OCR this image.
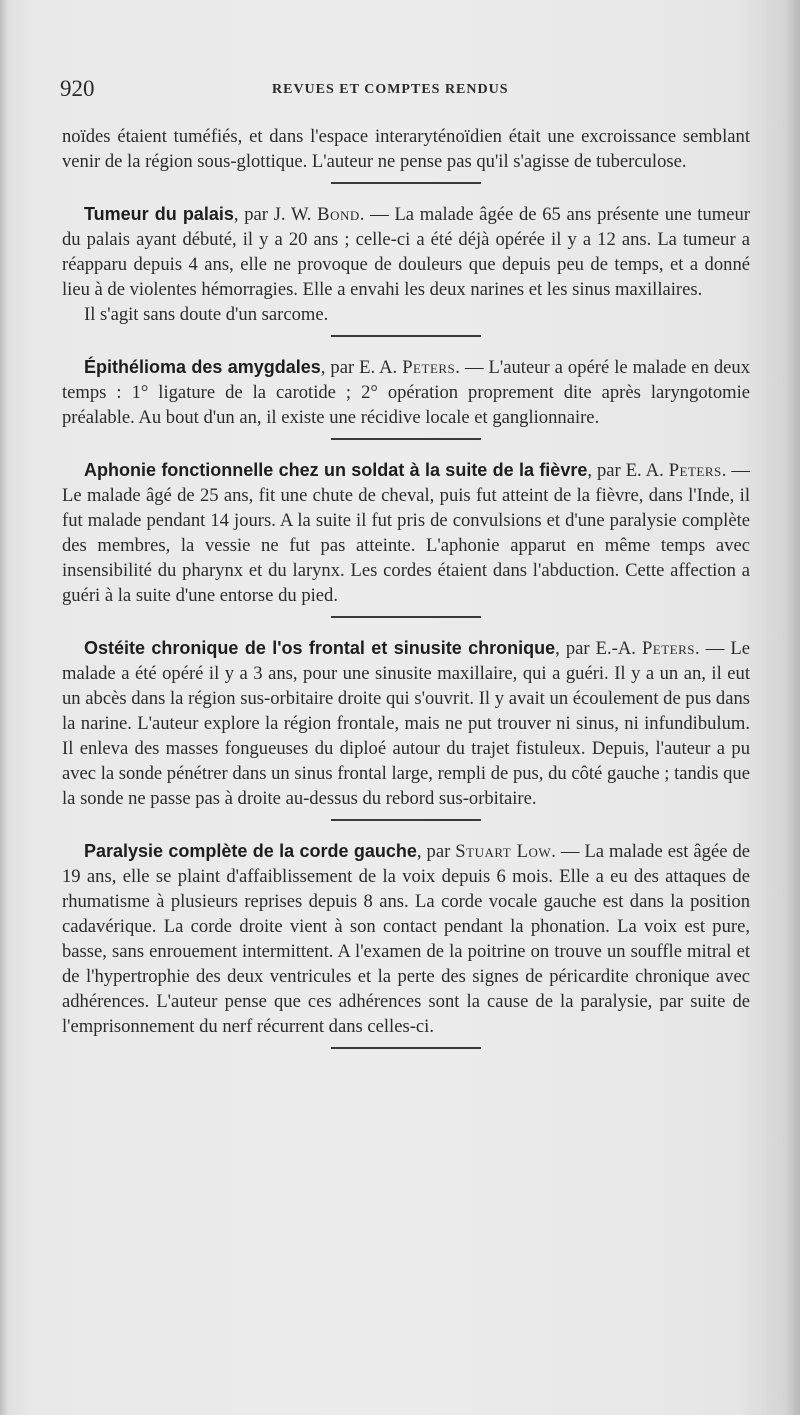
920	REVUES ET COMPTES RENDUS

noïdes étaient tuméfiés, et dans l'espace interaryténoïdien était une excroissance semblant venir de la région sous-glottique. L'auteur ne pense pas qu'il s'agisse de tuberculose.

Tumeur du palais, par J. W. Bond. — La malade âgée de 65 ans présente une tumeur du palais ayant débuté, il y a 20 ans ; celle-ci a été déjà opérée il y a 12 ans. La tumeur a réapparu depuis 4 ans, elle ne provoque de douleurs que depuis peu de temps, et a donné lieu à de violentes hémorragies. Elle a envahi les deux narines et les sinus maxillaires.

Il s'agit sans doute d'un sarcome.

Épithélioma des amygdales, par E. A. Peters. — L'auteur a opéré le malade en deux temps : 1° ligature de la carotide ; 2° opération proprement dite après laryngotomie préalable. Au bout d'un an, il existe une récidive locale et ganglionnaire.

Aphonie fonctionnelle chez un soldat à la suite de la fièvre, par E. A. Peters. — Le malade âgé de 25 ans, fit une chute de cheval, puis fut atteint de la fièvre, dans l'Inde, il fut malade pendant 14 jours. A la suite il fut pris de convulsions et d'une paralysie complète des membres, la vessie ne fut pas atteinte. L'aphonie apparut en même temps avec insensibilité du pharynx et du larynx. Les cordes étaient dans l'abduction. Cette affection a guéri à la suite d'une entorse du pied.

Ostéite chronique de l'os frontal et sinusite chronique, par E.-A. Peters. — Le malade a été opéré il y a 3 ans, pour une sinusite maxillaire, qui a guéri. Il y a un an, il eut un abcès dans la région sus-orbitaire droite qui s'ouvrit. Il y avait un écoulement de pus dans la narine. L'auteur explore la région frontale, mais ne put trouver ni sinus, ni infundibulum. Il enleva des masses fongueuses du diploé autour du trajet fistuleux. Depuis, l'auteur a pu avec la sonde pénétrer dans un sinus frontal large, rempli de pus, du côté gauche ; tandis que la sonde ne passe pas à droite au-dessus du rebord sus-orbitaire.

Paralysie complète de la corde gauche, par Stuart Low. — La malade est âgée de 19 ans, elle se plaint d'affaiblissement de la voix depuis 6 mois. Elle a eu des attaques de rhumatisme à plusieurs reprises depuis 8 ans. La corde vocale gauche est dans la position cadavérique. La corde droite vient à son contact pendant la phonation. La voix est pure, basse, sans enrouement intermittent. A l'examen de la poitrine on trouve un souffle mitral et de l'hypertrophie des deux ventricules et la perte des signes de péricardite chronique avec adhérences. L'auteur pense que ces adhérences sont la cause de la paralysie, par suite de l'emprisonnement du nerf récurrent dans celles-ci.
